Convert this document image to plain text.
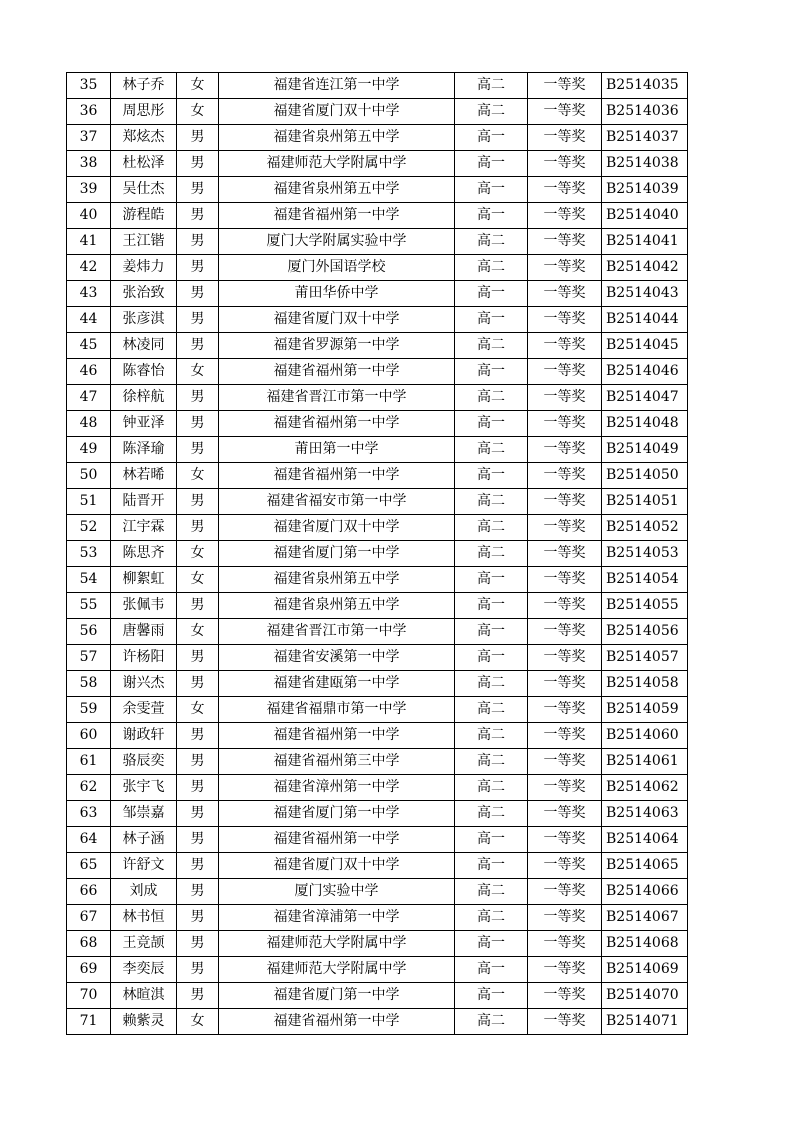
35	林子乔	女	福建省连江第一中学	高二	一等奖	B2514035
36	周思彤	女	福建省厦门双十中学	高二	一等奖	B2514036
37	郑炫杰	男	福建省泉州第五中学	高一	一等奖	B2514037
38	杜松泽	男	福建师范大学附属中学	高一	一等奖	B2514038
39	吴仕杰	男	福建省泉州第五中学	高一	一等奖	B2514039
40	游程皓	男	福建省福州第一中学	高一	一等奖	B2514040
41	王江锴	男	厦门大学附属实验中学	高二	一等奖	B2514041
42	姜炜力	男	厦门外国语学校	高二	一等奖	B2514042
43	张治致	男	莆田华侨中学	高一	一等奖	B2514043
44	张彦淇	男	福建省厦门双十中学	高一	一等奖	B2514044
45	林凌同	男	福建省罗源第一中学	高二	一等奖	B2514045
46	陈睿怡	女	福建省福州第一中学	高一	一等奖	B2514046
47	徐梓航	男	福建省晋江市第一中学	高二	一等奖	B2514047
48	钟亚泽	男	福建省福州第一中学	高一	一等奖	B2514048
49	陈泽瑜	男	莆田第一中学	高二	一等奖	B2514049
50	林若晞	女	福建省福州第一中学	高一	一等奖	B2514050
51	陆晋开	男	福建省福安市第一中学	高二	一等奖	B2514051
52	江宇霖	男	福建省厦门双十中学	高二	一等奖	B2514052
53	陈思齐	女	福建省厦门第一中学	高二	一等奖	B2514053
54	柳絮虹	女	福建省泉州第五中学	高一	一等奖	B2514054
55	张佩韦	男	福建省泉州第五中学	高一	一等奖	B2514055
56	唐馨雨	女	福建省晋江市第一中学	高一	一等奖	B2514056
57	许杨阳	男	福建省安溪第一中学	高一	一等奖	B2514057
58	谢兴杰	男	福建省建瓯第一中学	高二	一等奖	B2514058
59	余雯萱	女	福建省福鼎市第一中学	高二	一等奖	B2514059
60	谢政轩	男	福建省福州第一中学	高二	一等奖	B2514060
61	骆辰奕	男	福建省福州第三中学	高二	一等奖	B2514061
62	张宇飞	男	福建省漳州第一中学	高二	一等奖	B2514062
63	邹崇嘉	男	福建省厦门第一中学	高二	一等奖	B2514063
64	林子涵	男	福建省福州第一中学	高一	一等奖	B2514064
65	许舒文	男	福建省厦门双十中学	高一	一等奖	B2514065
66	刘成	男	厦门实验中学	高二	一等奖	B2514066
67	林书恒	男	福建省漳浦第一中学	高二	一等奖	B2514067
68	王竞颉	男	福建师范大学附属中学	高一	一等奖	B2514068
69	李奕辰	男	福建师范大学附属中学	高一	一等奖	B2514069
70	林暄淇	男	福建省厦门第一中学	高一	一等奖	B2514070
71	赖紫灵	女	福建省福州第一中学	高二	一等奖	B2514071
